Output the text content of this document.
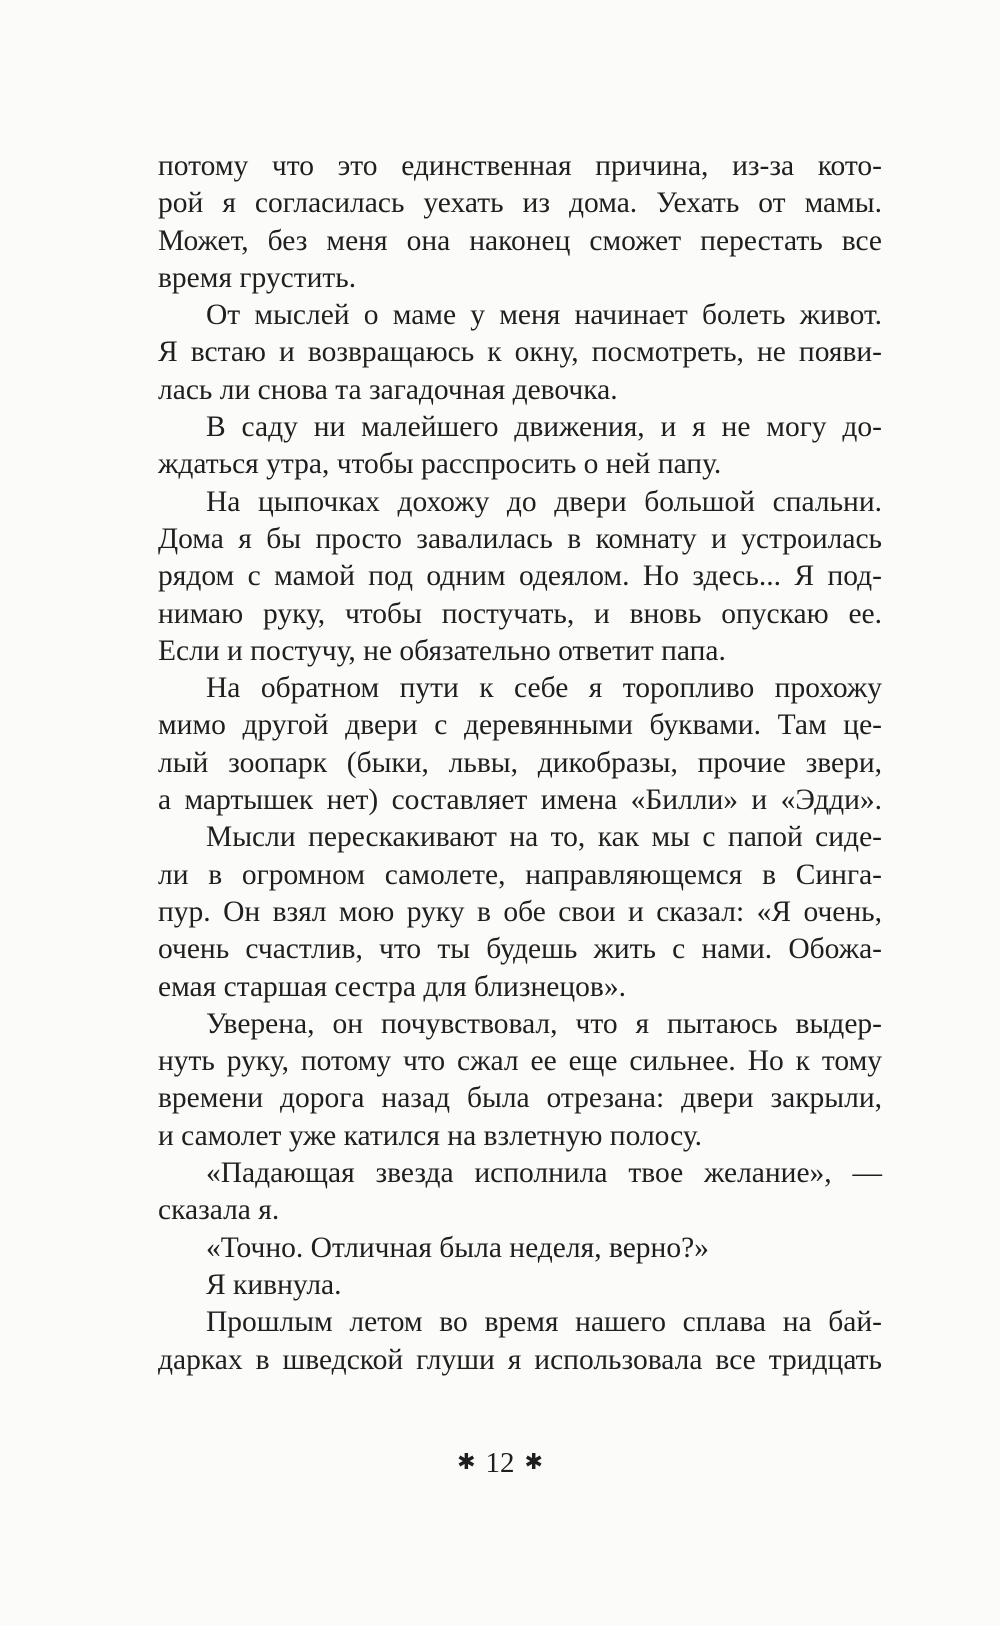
потому что это единственная причина, из-за кото-
рой я согласилась уехать из дома. Уехать от мамы.
Может, без меня она наконец сможет перестать все
время грустить.
От мыслей о маме у меня начинает болеть живот.
Я встаю и возвращаюсь к окну, посмотреть, не появи-
лась ли снова та загадочная девочка.
В саду ни малейшего движения, и я не могу до-
ждаться утра, чтобы расспросить о ней папу.
На цыпочках дохожу до двери большой спальни.
Дома я бы просто завалилась в комнату и устроилась
рядом с мамой под одним одеялом. Но здесь... Я под-
нимаю руку, чтобы постучать, и вновь опускаю ее.
Если и постучу, не обязательно ответит папа.
На обратном пути к себе я торопливо прохожу
мимо другой двери с деревянными буквами. Там це-
лый зоопарк (быки, львы, дикобразы, прочие звери,
а мартышек нет) составляет имена «Билли» и «Эдди».
Мысли перескакивают на то, как мы с папой сиде-
ли в огромном самолете, направляющемся в Синга-
пур. Он взял мою руку в обе свои и сказал: «Я очень,
очень счастлив, что ты будешь жить с нами. Обожа-
емая старшая сестра для близнецов».
Уверена, он почувствовал, что я пытаюсь выдер-
нуть руку, потому что сжал ее еще сильнее. Но к тому
времени дорога назад была отрезана: двери закрыли,
и самолет уже катился на взлетную полосу.
«Падающая звезда исполнила твое желание», —
сказала я.
«Точно. Отличная была неделя, верно?»
Я кивнула.
Прошлым летом во время нашего сплава на бай-
дарках в шведской глуши я использовала все тридцать
✱ 12 ✱
